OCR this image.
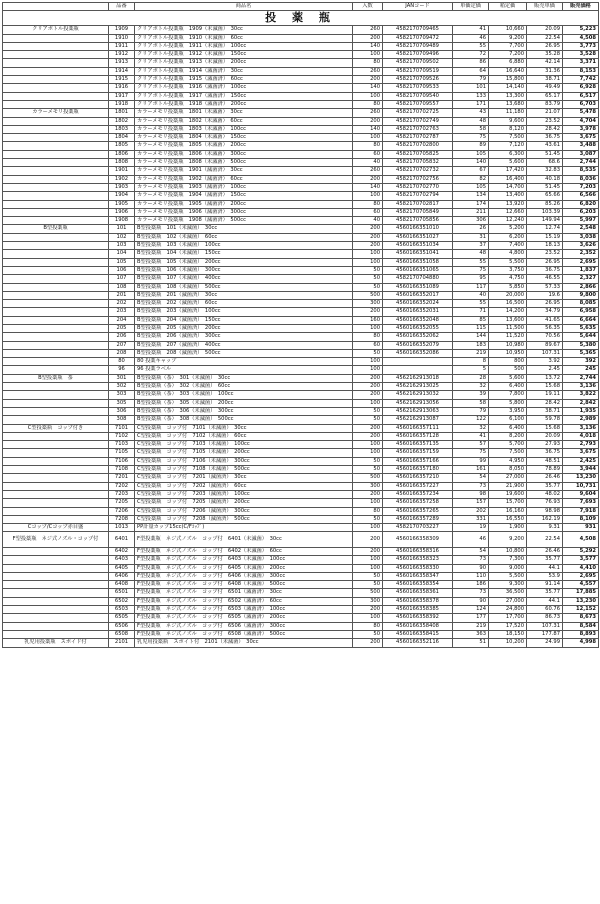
	品番	商品名	入数	JANコード	単価定価	箱定価	販売単価	販売価格
投 薬 瓶								
クリアボトル投薬瓶	1909	クリアボトル投薬瓶　1909（未滅菌）　30cc	260	4582170709465	41	10,660	20.09	5,223
	1910	クリアボトル投薬瓶　1910（未滅菌）　60cc	200	4582170709472	46	9,200	22.54	4,508
	1911	クリアボトル投薬瓶　1911（未滅菌）　100cc	140	4582170709489	55	7,700	26.95	3,773
	1912	クリアボトル投薬瓶　1912（未滅菌）　150cc	100	4582170709496	72	7,200	35.28	3,528
	1913	クリアボトル投薬瓶　1913（未滅菌）　200cc	80	4582170709502	86	6,880	42.14	3,371
	1914	クリアボトル投薬瓶　1914（滅菌済）　30cc	260	4582170709519	64	16,640	31.36	8,153
	1915	クリアボトル投薬瓶　1915（滅菌済）　60cc	200	4582170709526	79	15,800	38.71	7,742
	1916	クリアボトル投薬瓶　1916（滅菌済）　100cc	140	4582170709533	101	14,140	49.49	6,928
	1917	クリアボトル投薬瓶　1917（滅菌済）　150cc	100	4582170709540	133	13,300	65.17	6,517
	1918	クリアボトル投薬瓶　1918（滅菌済）　200cc	80	4582170709557	171	13,680	83.79	6,703
カラーメモリ投薬瓶	1801	カラーメモリ投薬瓶　1801（未滅菌）　30cc	260	4582170702725	43	11,180	21.07	5,478
	1802	カラーメモリ投薬瓶　1802（未滅菌）　60cc	200	4582170702749	48	9,600	23.52	4,704
	1803	カラーメモリ投薬瓶　1803（未滅菌）　100cc	140	4582170702763	58	8,120	28.42	3,978
	1804	カラーメモリ投薬瓶　1804（未滅菌）　150cc	100	4582170702787	75	7,500	36.75	3,675
	1805	カラーメモリ投薬瓶　1805（未滅菌）　200cc	80	4582170702800	89	7,120	43.61	3,488
	1806	カラーメモリ投薬瓶　1806（未滅菌）　300cc	60	4582170705825	105	6,300	51.45	3,087
	1808	カラーメモリ投薬瓶　1808（未滅菌）　500cc	40	4582170705832	140	5,600	68.6	2,744
	1901	カラーメモリ投薬瓶　1901（滅菌済）　30cc	260	4582170702732	67	17,420	32.83	8,535
	1902	カラーメモリ投薬瓶　1902（滅菌済）　60cc	200	4582170702756	82	16,400	40.18	8,036
	1903	カラーメモリ投薬瓶　1903（滅菌済）　100cc	140	4582170702770	105	14,700	51.45	7,203
	1904	カラーメモリ投薬瓶　1904（滅菌済）　150cc	100	4582170702794	134	13,400	65.66	6,566
	1905	カラーメモリ投薬瓶　1905（滅菌済）　200cc	80	4582170702817	174	13,920	85.26	6,820
	1906	カラーメモリ投薬瓶　1906（滅菌済）　300cc	60	4582170705849	211	12,660	103.39	6,203
	1908	カラーメモリ投薬瓶　1908（滅菌済）　500cc	40	4582170705856	306	12,240	149.94	5,997
B型投薬瓶	101	B型投薬瓶　101（未滅菌）　30cc	200	4560166351010	26	5,200	12.74	2,548
	102	B型投薬瓶　102（未滅菌）　60cc	200	4560166351027	31	6,200	15.19	3,038
	103	B型投薬瓶　103（未滅菌）　100cc	200	4560166351034	37	7,400	18.13	3,626
	104	B型投薬瓶　104（未滅菌）　150cc	100	4560166351041	48	4,800	23.52	2,352
	105	B型投薬瓶　105（未滅菌）　200cc	100	4560166351058	55	5,500	26.95	2,695
	106	B型投薬瓶　106（未滅菌）　300cc	50	4560166351065	75	3,750	36.75	1,837
	107	B型投薬瓶　107（未滅菌）　400cc	50	4582170704880	95	4,750	46.55	2,327
	108	B型投薬瓶　108（未滅菌）　500cc	50	4560166351089	117	5,850	57.33	2,866
	201	B型投薬瓶　201（滅菌済）　30cc	500	4560166352017	40	20,000	19.6	9,800
	202	B型投薬瓶　202（滅菌済）　60cc	300	4560166352024	55	16,500	26.95	8,085
	203	B型投薬瓶　203（滅菌済）　100cc	200	4560166352031	71	14,200	34.79	6,958
	204	B型投薬瓶　204（滅菌済）　150cc	160	4560166352048	85	13,600	41.65	6,664
	205	B型投薬瓶　205（滅菌済）　200cc	100	4560166352055	115	11,500	56.35	5,635
	206	B型投薬瓶　206（滅菌済）　300cc	80	4560166352062	144	11,520	70.56	5,644
	207	B型投薬瓶　207（滅菌済）　400cc	60	4560166352079	183	10,980	89.67	5,380
	208	B型投薬瓶　208（滅菌済）　500cc	50	4560166352086	219	10,950	107.31	5,365
	80	80 投薬キャップ	100		8	800	3.92	392
	96	96 投薬ラベル	100		5	500	2.45	245
B型投薬瓶　茶	301	B型投薬瓶（茶）　301（未滅菌）　30cc	200	4562162913018	28	5,600	13.72	2,744
	302	B型投薬瓶（茶）　302（未滅菌）　60cc	200	4562162913025	32	6,400	15.68	3,136
	303	B型投薬瓶（茶）　303（未滅菌）　100cc	200	4562162913032	39	7,800	19.11	3,822
	305	B型投薬瓶（茶）　305（未滅菌）　200cc	100	4562162913056	58	5,800	28.42	2,842
	306	B型投薬瓶（茶）　306（未滅菌）　300cc	50	4562162913063	79	3,950	38.71	1,935
	308	B型投薬瓶（茶）　308（未滅菌）　500cc	50	4562162913087	122	6,100	59.78	2,989
C型投薬瓶　コップ付き	7101	C型投薬瓶　コップ付　7101（未滅菌）　30cc	200	4560166357111	32	6,400	15.68	3,136
	7102	C型投薬瓶　コップ付　7102（未滅菌）　60cc	200	4560166357128	41	8,200	20.09	4,018
	7103	C型投薬瓶　コップ付　7103（未滅菌）　100cc	100	4560166357135	57	5,700	27.93	2,793
	7105	C型投薬瓶　コップ付　7105（未滅菌）　200cc	100	4560166357159	75	7,500	36.75	3,675
	7106	C型投薬瓶　コップ付　7106（未滅菌）　300cc	50	4560166357166	99	4,950	48.51	2,425
	7108	C型投薬瓶　コップ付　7108（未滅菌）　500cc	50	4560166357180	161	8,050	78.89	3,944
	7201	C型投薬瓶　コップ付　7201（滅菌済）　30cc	500	4560166357210	54	27,000	26.46	13,230
	7202	C型投薬瓶　コップ付　7202（滅菌済）　60cc	300	4560166357227	73	21,900	35.77	10,731
	7203	C型投薬瓶　コップ付　7203（滅菌済）　100cc	200	4560166357234	98	19,600	48.02	9,604
	7205	C型投薬瓶　コップ付　7205（滅菌済）　200cc	100	4560166357258	157	15,700	76.93	7,693
	7206	C型投薬瓶　コップ付　7206（滅菌済）　300cc	80	4560166357265	202	16,160	98.98	7,918
	7208	C型投薬瓶　コップ付　7208（滅菌済）　500cc	50	4560166357289	331	16,550	162.19	8,109
Cコップ/Cコップ赤目盛	1013	PP計量カップ15cc(C/Fｺｯﾌﾟ)	100	4582170703227	19	1,900	9.31	931
F型投薬瓶　ネジ式ノズル・コップ付	6401	F型投薬瓶　ネジ式ノズル　コップ付　6401（未滅菌）　30cc	200	4560166358309	46	9,200	22.54	4,508
	6402	F型投薬瓶　ネジ式ノズル　コップ付　6402（未滅菌）　60cc	200	4560166358316	54	10,800	26.46	5,292
	6403	F型投薬瓶　ネジ式ノズル　コップ付　6403（未滅菌）　100cc	100	4560166358323	73	7,300	35.77	3,577
	6405	F型投薬瓶　ネジ式ノズル　コップ付　6405（未滅菌）　200cc	100	4560166358330	90	9,000	44.1	4,410
	6406	F型投薬瓶　ネジ式ノズル　コップ付　6406（未滅菌）　300cc	50	4560166358347	110	5,500	53.9	2,695
	6408	F型投薬瓶　ネジ式ノズル　コップ付　6408（未滅菌）　500cc	50	4560166358354	186	9,300	91.14	4,557
	6501	F型投薬瓶　ネジ式ノズル　コップ付　6501（滅菌済）　30cc	500	4560166358361	73	36,500	35.77	17,885
	6502	F型投薬瓶　ネジ式ノズル　コップ付　6502（滅菌済）　60cc	300	4560166358378	90	27,000	44.1	13,230
	6503	F型投薬瓶　ネジ式ノズル　コップ付　6503（滅菌済）　100cc	200	4560166358385	124	24,800	60.76	12,152
	6505	F型投薬瓶　ネジ式ノズル　コップ付　6505（滅菌済）　200cc	100	4560166358392	177	17,700	86.73	8,673
	6506	F型投薬瓶　ネジ式ノズル　コップ付　6506（滅菌済）　300cc	80	4560166358408	219	17,520	107.31	8,584
	6508	F型投薬瓶　ネジ式ノズル　コップ付　6508（滅菌済）　500cc	50	4560166358415	363	18,150	177.87	8,893
乳児用投薬瓶　スポイド付	2101	乳児用投薬瓶　スポイト付　2101（未滅菌）　30cc	200	4560166352116	51	10,200	24.99	4,998
